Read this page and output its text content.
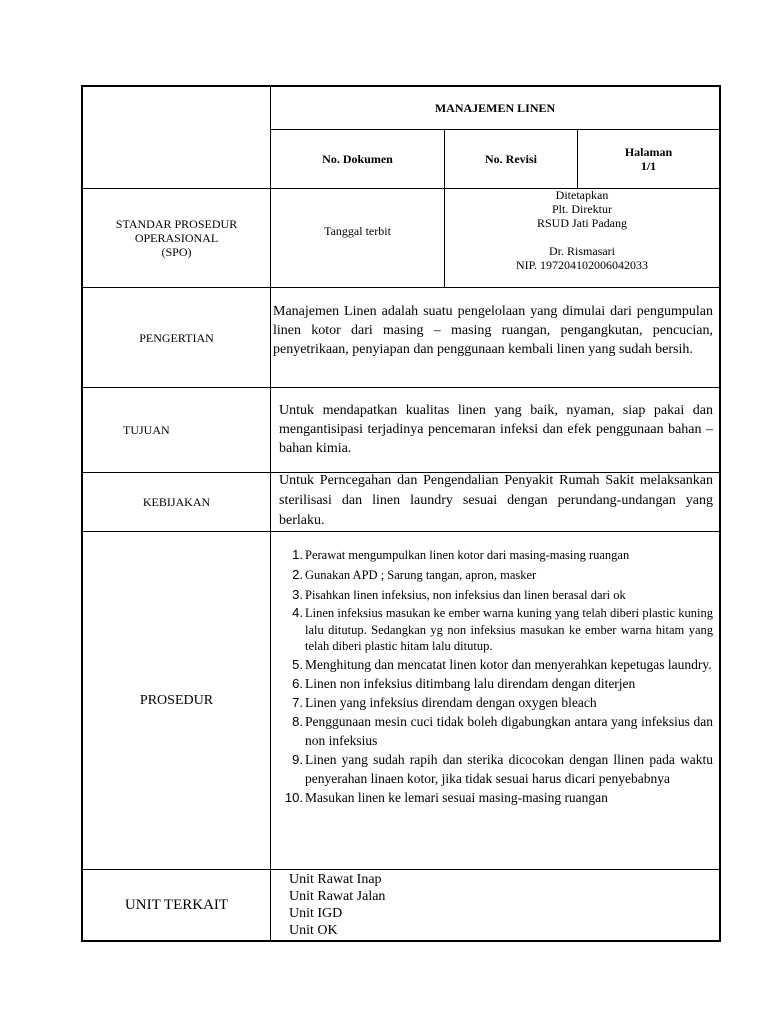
MANAJEMEN LINEN
No. Dokumen	No. Revisi	Halaman
1/1
STANDAR PROSEDUR
OPERASIONAL
(SPO)
Tanggal terbit
Ditetapkan
Plt. Direktur
RSUD Jati Padang
Dr. Rismasari
NIP. 197204102006042033
PENGERTIAN

Manajemen Linen adalah suatu pengelolaan yang dimulai dari pengumpulan linen kotor dari masing – masing ruangan, pengangkutan, pencucian, penyetrikaan, penyiapan dan penggunaan kembali linen yang sudah bersih.

TUJUAN

Untuk mendapatkan kualitas linen yang baik, nyaman, siap pakai dan mengantisipasi terjadinya pencemaran infeksi dan efek penggunaan bahan –bahan kimia.

KEBIJAKAN

Untuk Perncegahan dan Pengendalian Penyakit Rumah Sakit melaksankan sterilisasi dan linen laundry sesuai dengan perundang-undangan yang berlaku.

PROSEDUR
1. Perawat mengumpulkan linen kotor dari masing-masing ruangan
2. Gunakan APD ; Sarung tangan, apron, masker
3. Pisahkan linen infeksius, non infeksius dan linen berasal dari ok
4. Linen infeksius masukan ke ember warna kuning yang telah diberi plastic kuning lalu ditutup. Sedangkan yg non infeksius masukan ke ember warna hitam yang telah diberi plastic hitam lalu ditutup.
5. Menghitung dan mencatat linen kotor dan menyerahkan kepetugas laundry.
6. Linen non infeksius ditimbang lalu direndam dengan diterjen
7. Linen yang infeksius direndam dengan oxygen bleach
8. Penggunaan mesin cuci tidak boleh digabungkan antara yang infeksius dan non infeksius
9. Linen yang sudah rapih dan sterika dicocokan dengan llinen pada waktu penyerahan linaen kotor, jika tidak sesuai harus dicari penyebabnya
10. Masukan linen ke lemari sesuai masing-masing ruangan
UNIT TERKAIT
Unit Rawat Inap
Unit Rawat Jalan
Unit IGD
Unit OK
